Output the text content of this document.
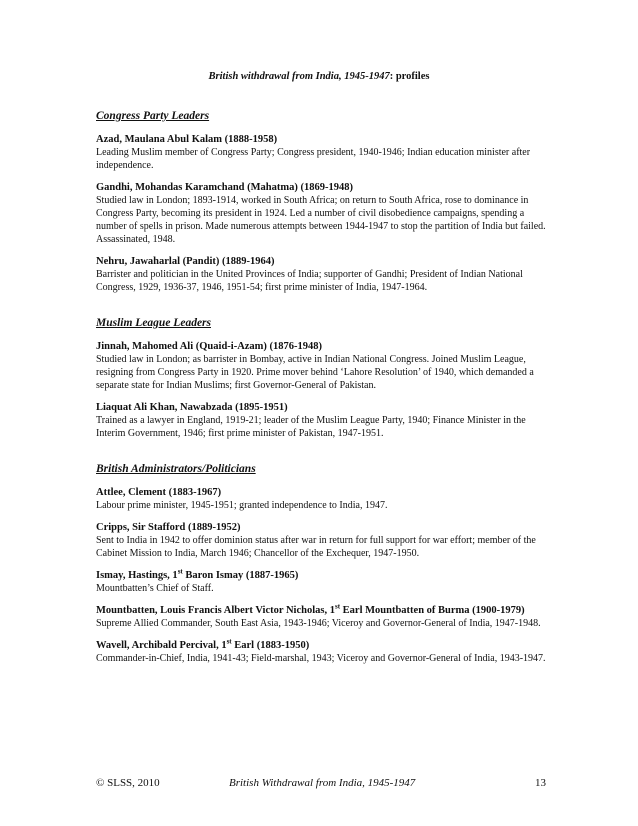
British withdrawal from India, 1945-1947: profiles
Congress Party Leaders
Azad, Maulana Abul Kalam (1888-1958)
Leading Muslim member of Congress Party; Congress president, 1940-1946; Indian education minister after independence.
Gandhi, Mohandas Karamchand (Mahatma) (1869-1948)
Studied law in London; 1893-1914, worked in South Africa; on return to South Africa, rose to dominance in Congress Party, becoming its president in 1924. Led a number of civil disobedience campaigns, spending a number of spells in prison. Made numerous attempts between 1944-1947 to stop the partition of India but failed. Assassinated, 1948.
Nehru, Jawaharlal (Pandit) (1889-1964)
Barrister and politician in the United Provinces of India; supporter of Gandhi; President of Indian National Congress, 1929, 1936-37, 1946, 1951-54; first prime minister of India, 1947-1964.
Muslim League Leaders
Jinnah, Mahomed Ali (Quaid-i-Azam) (1876-1948)
Studied law in London; as barrister in Bombay, active in Indian National Congress. Joined Muslim League, resigning from Congress Party in 1920. Prime mover behind ‘Lahore Resolution’ of 1940, which demanded a separate state for Indian Muslims; first Governor-General of Pakistan.
Liaquat Ali Khan, Nawabzada (1895-1951)
Trained as a lawyer in England, 1919-21; leader of the Muslim League Party, 1940; Finance Minister in the Interim Government, 1946; first prime minister of Pakistan, 1947-1951.
British Administrators/Politicians
Attlee, Clement (1883-1967)
Labour prime minister, 1945-1951; granted independence to India, 1947.
Cripps, Sir Stafford (1889-1952)
Sent to India in 1942 to offer dominion status after war in return for full support for war effort; member of the Cabinet Mission to India, March 1946; Chancellor of the Exchequer, 1947-1950.
Ismay, Hastings, 1st Baron Ismay (1887-1965)
Mountbatten’s Chief of Staff.
Mountbatten, Louis Francis Albert Victor Nicholas, 1st Earl Mountbatten of Burma (1900-1979)
Supreme Allied Commander, South East Asia, 1943-1946; Viceroy and Governor-General of India, 1947-1948.
Wavell, Archibald Percival, 1st Earl (1883-1950)
Commander-in-Chief, India, 1941-43; Field-marshal, 1943; Viceroy and Governor-General of India, 1943-1947.
© SLSS, 2010	British Withdrawal from India, 1945-1947	13
